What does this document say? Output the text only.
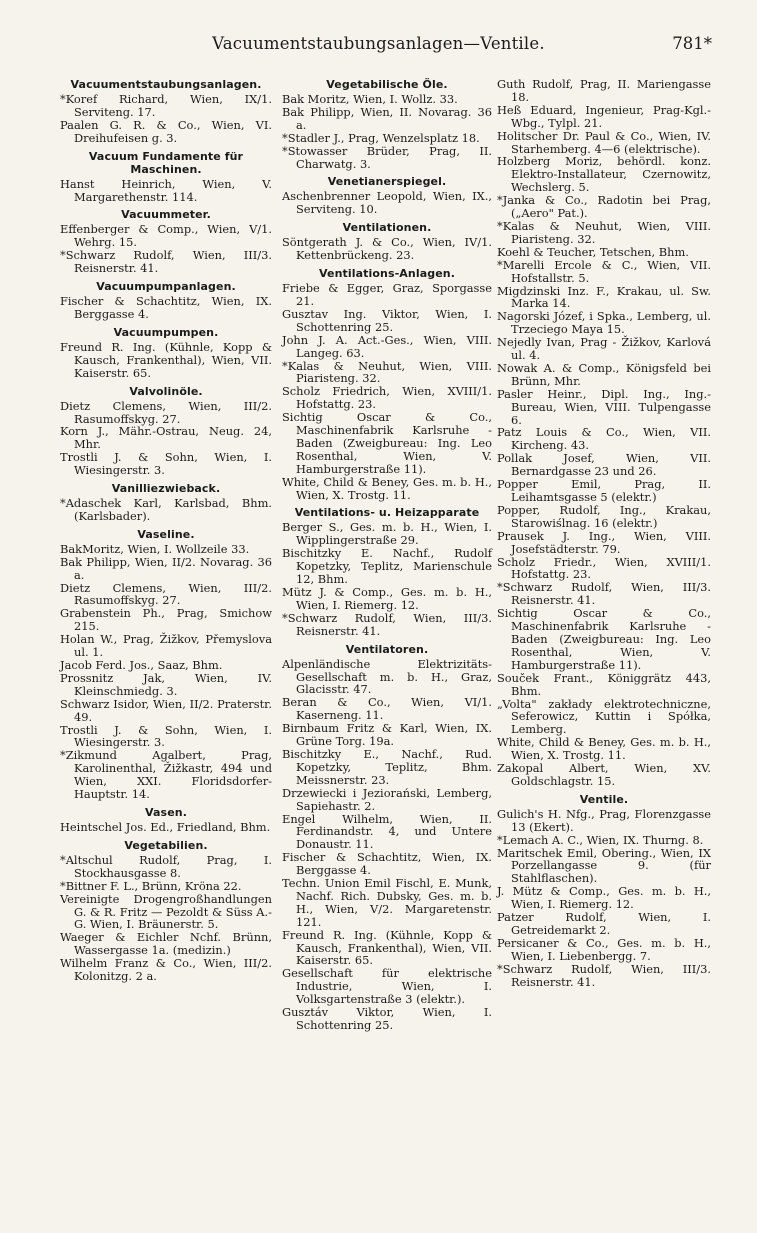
Vacuumentstaubungsanlagen—Ventile.	781*
Vacuumentstaubungsanlagen.

*Koref Richard, Wien, IX/1. Serviteng. 17.

Paalen G. R. & Co., Wien, VI. Dreihufeisen g. 3.

Vacuum Fundamente für Maschinen.

Hanst Heinrich, Wien, V. Margarethenstr. 114.

Vacuummeter.

Effenberger & Comp., Wien, V/1. Wehrg. 15.

*Schwarz Rudolf, Wien, III/3. Reisnerstr. 41.

Vacuumpumpanlagen.

Fischer & Schachtitz, Wien, IX. Berggasse 4.

Vacuumpumpen.

Freund R. Ing. (Kühnle, Kopp & Kausch, Frankenthal), Wien, VII. Kaiserstr. 65.

Valvolinöle.

Dietz Clemens, Wien, III/2. Rasumoffskyg. 27.

Korn J., Mähr.-Ostrau, Neug. 24, Mhr.

Trostli J. & Sohn, Wien, I. Wiesingerstr. 3.

Vanilliezwieback.

*Adaschek Karl, Karlsbad, Bhm. (Karlsbader).

Vaseline.

BakMoritz, Wien, I. Wollzeile 33.

Bak Philipp, Wien, II/2. Novarag. 36 a.

Dietz Clemens, Wien, III/2. Rasumoffskyg. 27.

Grabenstein Ph., Prag, Smichow 215.

Holan W., Prag, Žižkov, Přemyslova ul. 1.

Jacob Ferd. Jos., Saaz, Bhm.

Prossnitz Jak, Wien, IV. Kleinschmiedg. 3.

Schwarz Isidor, Wien, II/2. Praterstr. 49.

Trostli J. & Sohn, Wien, I. Wiesingerstr. 3.

*Zikmund Agalbert, Prag, Karolinenthal, Žižkastr, 494 und Wien, XXI. Floridsdorfer-Hauptstr. 14.

Vasen.

Heintschel Jos. Ed., Friedland, Bhm.

Vegetabilien.

*Altschul Rudolf, Prag, I. Stockhausgasse 8.

*Bittner F. L., Brünn, Kröna 22.

Vereinigte Drogengroßhandlungen G. & R. Fritz — Pezoldt & Süss A.-G. Wien, I. Bräunerstr. 5.

Waeger & Eichler Nchf. Brünn, Wassergasse 1a. (medizin.)

Wilhelm Franz & Co., Wien, III/2. Kolonitzg. 2 a.

Vegetabilische Öle.

Bak Moritz, Wien, I. Wollz. 33.

Bak Philipp, Wien, II. Novarag. 36 a.

*Stadler J., Prag, Wenzelsplatz 18.

*Stowasser Brüder, Prag, II. Charwatg. 3.

Venetianerspiegel.

Aschenbrenner Leopold, Wien, IX., Serviteng. 10.

Ventilationen.

Söntgerath J. & Co., Wien, IV/1. Kettenbrückeng. 23.

Ventilations-Anlagen.

Friebe & Egger, Graz, Sporgasse 21.

Gusztav Ing. Viktor, Wien, I. Schottenring 25.

John J. A. Act.-Ges., Wien, VIII. Langeg. 63.

*Kalas & Neuhut, Wien, VIII. Piaristeng. 32.

Scholz Friedrich, Wien, XVIII/1. Hofstattg. 23.

Sichtig Oscar & Co., Maschinenfabrik Karlsruhe - Baden (Zweigbureau: Ing. Leo Rosenthal, Wien, V. Hamburgerstraße 11).

White, Child & Beney, Ges. m. b. H., Wien, X. Trostg. 11.

Ventilations- u. Heizapparate

Berger S., Ges. m. b. H., Wien, I. Wipplingerstraße 29.

Bischitzky E. Nachf., Rudolf Kopetzky, Teplitz, Marienschule 12, Bhm.

Mütz J. & Comp., Ges. m. b. H., Wien, I. Riemerg. 12.

*Schwarz Rudolf, Wien, III/3. Reisnerstr. 41.

Ventilatoren.

Alpenländische Elektrizitäts-Gesellschaft m. b. H., Graz, Glacisstr. 47.

Beran & Co., Wien, VI/1. Kaserneng. 11.

Birnbaum Fritz & Karl, Wien, IX. Grüne Torg. 19a.

Bischitzky E., Nachf., Rud. Kopetzky, Teplitz, Bhm. Meissnerstr. 23.

Drzewiecki i Jeziorański, Lemberg, Sapiehastr. 2.

Engel Wilhelm, Wien, II. Ferdinandstr. 4, und Untere Donaustr. 11.

Fischer & Schachtitz, Wien, IX. Berggasse 4.

Techn. Union Emil Fischl, E. Munk, Nachf. Rich. Dubsky, Ges. m. b. H., Wien, V/2. Margaretenstr. 121.

Freund R. Ing. (Kühnle, Kopp & Kausch, Frankenthal), Wien, VII. Kaiserstr. 65.

Gesellschaft für elektrische Industrie, Wien, I. Volksgartenstraße 3 (elektr.).

Gusztáv Viktor, Wien, I. Schottenring 25.

Guth Rudolf, Prag, II. Mariengasse 18.

Heß Eduard, Ingenieur, Prag-Kgl.-Wbg., Tylpl. 21.

Holitscher Dr. Paul & Co., Wien, IV. Starhemberg. 4—6 (elektrische).

Holzberg Moriz, behördl. konz. Elektro-Installateur, Czernowitz, Wechslerg. 5.

*Janka & Co., Radotin bei Prag, („Aero" Pat.).

*Kalas & Neuhut, Wien, VIII. Piaristeng. 32.

Koehl & Teucher, Tetschen, Bhm.

*Marelli Ercole & C., Wien, VII. Hofstallstr. 5.

Migdzinski Inz. F., Krakau, ul. Sw. Marka 14.

Nagorski Józef, i Spka., Lemberg, ul. Trzeciego Maya 15.

Nejedly Ivan, Prag - Žižkov, Karlová ul. 4.

Nowak A. & Comp., Königsfeld bei Brünn, Mhr.

Pasler Heinr., Dipl. Ing., Ing.-Bureau, Wien, VIII. Tulpengasse 6.

Patz Louis & Co., Wien, VII. Kircheng. 43.

Pollak Josef, Wien, VII. Bernardgasse 23 und 26.

Popper Emil, Prag, II. Leihamtsgasse 5 (elektr.)

Popper, Rudolf, Ing., Krakau, Starowiślnag. 16 (elektr.)

Prausek J. Ing., Wien, VIII. Josefstädterstr. 79.

Scholz Friedr., Wien, XVIII/1. Hofstattg. 23.

*Schwarz Rudolf, Wien, III/3. Reisnerstr. 41.

Sichtig Oscar & Co., Maschinenfabrik Karlsruhe - Baden (Zweigbureau: Ing. Leo Rosenthal, Wien, V. Hamburgerstraße 11).

Souček Frant., Königgrätz 443, Bhm.

„Volta" zakłady elektrotechniczne, Seferowicz, Kuttin i Spółka, Lemberg.

White, Child & Beney, Ges. m. b. H., Wien, X. Trostg. 11.

Zakopal Albert, Wien, XV. Goldschlagstr. 15.

Ventile.

Gulich's H. Nfg., Prag, Florenzgasse 13 (Ekert).

*Lemach A. C., Wien, IX. Thurng. 8.

Maritschek Emil, Obering., Wien, IX Porzellangasse 9. (für Stahlflaschen).

J. Mütz & Comp., Ges. m. b. H., Wien, I. Riemerg. 12.

Patzer Rudolf, Wien, I. Getreidemarkt 2.

Persicaner & Co., Ges. m. b. H., Wien, I. Liebenbergg. 7.

*Schwarz Rudolf, Wien, III/3. Reisnerstr. 41.
